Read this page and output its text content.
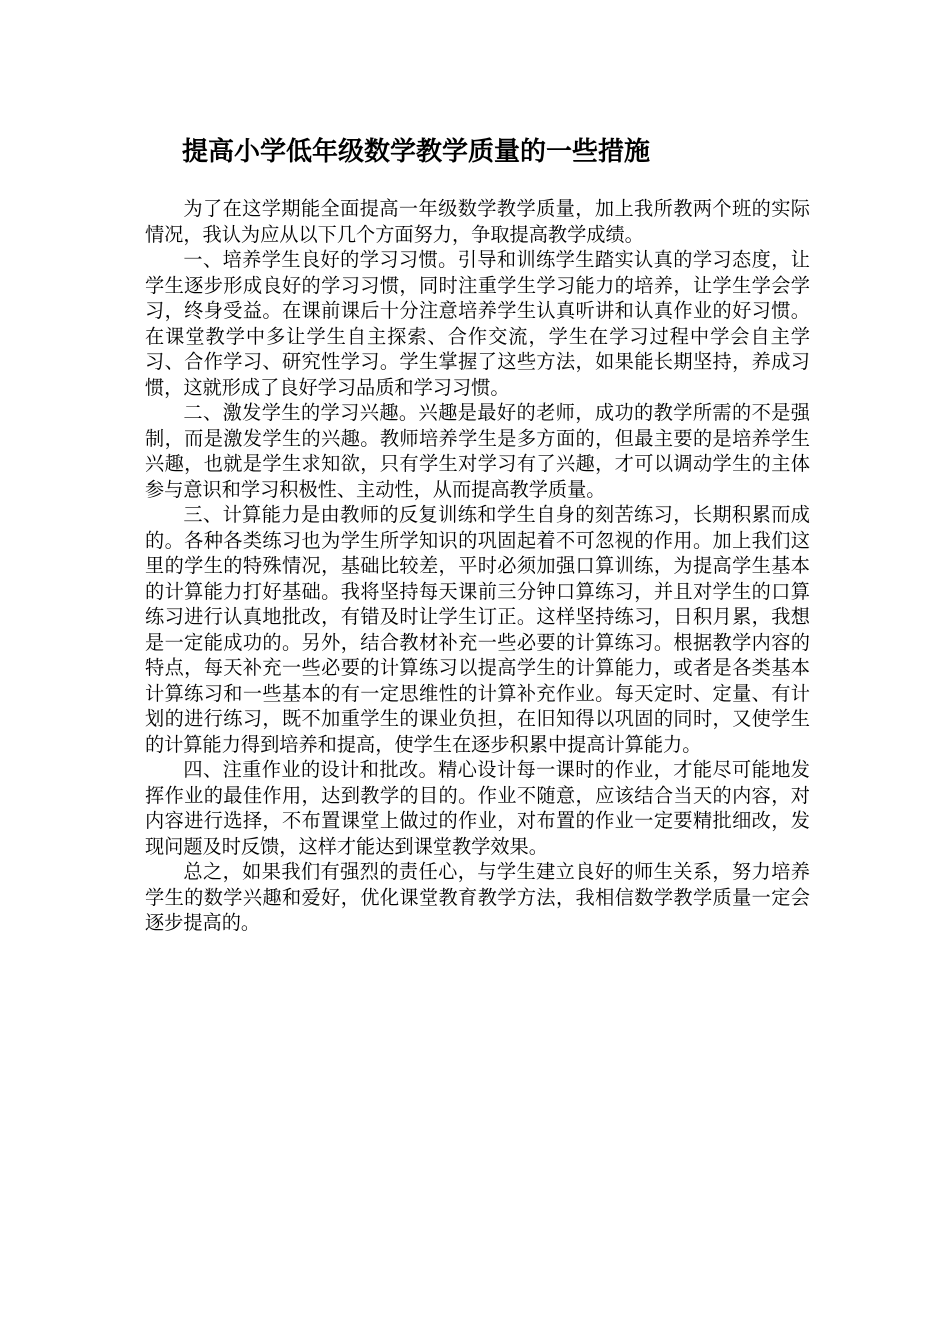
提高小学低年级数学教学质量的一些措施

为了在这学期能全面提高一年级数学教学质量，加上我所教两个班的实际情况，我认为应从以下几个方面努力，争取提高教学成绩。

一、培养学生良好的学习习惯。引导和训练学生踏实认真的学习态度，让学生逐步形成良好的学习习惯，同时注重学生学习能力的培养，让学生学会学习，终身受益。在课前课后十分注意培养学生认真听讲和认真作业的好习惯。在课堂教学中多让学生自主探索、合作交流，学生在学习过程中学会自主学习、合作学习、研究性学习。学生掌握了这些方法，如果能长期坚持，养成习惯，这就形成了良好学习品质和学习习惯。

二、激发学生的学习兴趣。兴趣是最好的老师，成功的教学所需的不是强制，而是激发学生的兴趣。教师培养学生是多方面的，但最主要的是培养学生兴趣，也就是学生求知欲，只有学生对学习有了兴趣，才可以调动学生的主体参与意识和学习积极性、主动性，从而提高教学质量。

三、计算能力是由教师的反复训练和学生自身的刻苦练习，长期积累而成的。各种各类练习也为学生所学知识的巩固起着不可忽视的作用。加上我们这里的学生的特殊情况，基础比较差，平时必须加强口算训练，为提高学生基本的计算能力打好基础。我将坚持每天课前三分钟口算练习，并且对学生的口算练习进行认真地批改，有错及时让学生订正。这样坚持练习，日积月累，我想是一定能成功的。另外，结合教材补充一些必要的计算练习。根据教学内容的特点，每天补充一些必要的计算练习以提高学生的计算能力，或者是各类基本计算练习和一些基本的有一定思维性的计算补充作业。每天定时、定量、有计划的进行练习，既不加重学生的课业负担，在旧知得以巩固的同时，又使学生的计算能力得到培养和提高，使学生在逐步积累中提高计算能力。

四、注重作业的设计和批改。精心设计每一课时的作业，才能尽可能地发挥作业的最佳作用，达到教学的目的。作业不随意，应该结合当天的内容，对内容进行选择，不布置课堂上做过的作业，对布置的作业一定要精批细改，发现问题及时反馈，这样才能达到课堂教学效果。

总之，如果我们有强烈的责任心，与学生建立良好的师生关系，努力培养学生的数学兴趣和爱好，优化课堂教育教学方法，我相信数学教学质量一定会逐步提高的。
